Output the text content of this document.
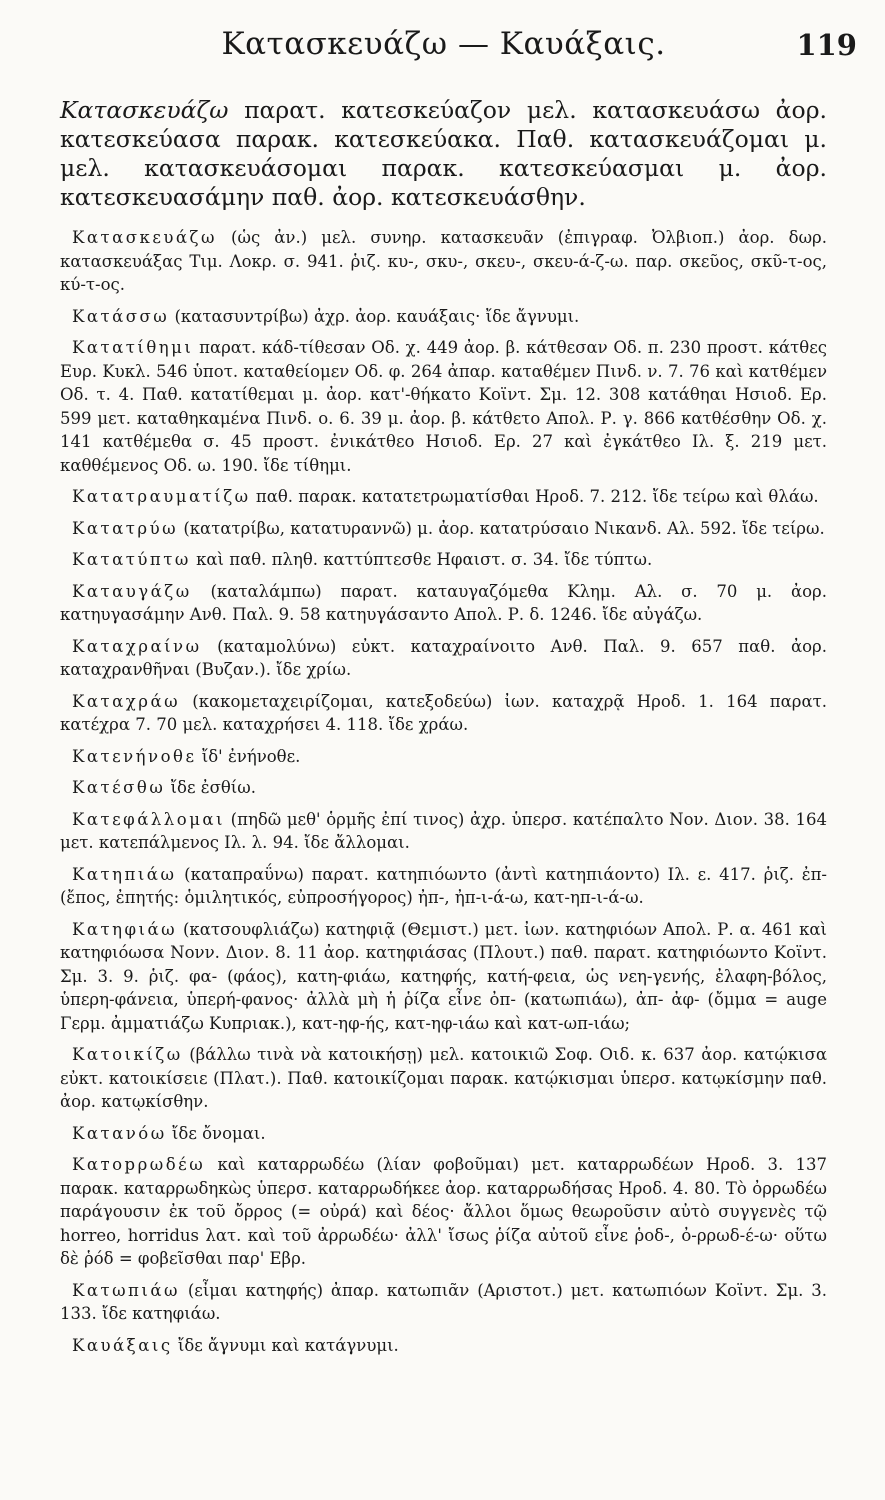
Κατασκευάζω — Καυάξαις.	119

Κατασκευάζω παρατ. κατεσκεύαζον μελ. κατασκευάσω ἀορ. κατεσκεύασα παρακ. κατεσκεύακα. Παθ. κατασκευάζομαι μ. μελ. κατασκευάσομαι παρακ. κατεσκεύασμαι μ. ἀορ. κατεσκευασάμην παθ. ἀορ. κατεσκευάσθην.

Κατασκευάζω (ὡς ἀν.) μελ. συνηρ. κατασκευᾶν (ἐπιγραφ. Ὀλβιοπ.) ἀορ. δωρ. κατασκευάξας Τιμ. Λοκρ. σ. 941. ῥιζ. κυ-, σκυ-, σκευ-, σκευ-ά-ζ-ω. παρ. σκεῦος, σκῦ-τ-ος, κύ-τ-ος.

Κατάσσω (κατασυντρίβω) ἀχρ. ἀορ. καυάξαις· ἴδε ἄγνυμι.

Κατατίθημι παρατ. κάδ-τίθεσαν Οδ. χ. 449 ἀορ. β. κάτθεσαν Οδ. π. 230 προστ. κάτθες Ευρ. Κυκλ. 546 ὑποτ. καταθείομεν Οδ. φ. 264 ἀπαρ. καταθέμεν Πινδ. ν. 7. 76 καὶ κατθέμεν Οδ. τ. 4. Παθ. κατατίθεμαι μ. ἀορ. κατ'-θήκατο Κοϊντ. Σμ. 12. 308 κατάθηαι Ησιοδ. Ερ. 599 μετ. καταθηκαμένα Πινδ. ο. 6. 39 μ. ἀορ. β. κάτθετο Απολ. Ρ. γ. 866 κατθέσθην Οδ. χ. 141 κατθέμεθα σ. 45 προστ. ἐνικάτθεο Ησιοδ. Ερ. 27 καὶ ἐγκάτθεο Ιλ. ξ. 219 μετ. καθθέμενος Οδ. ω. 190. ἴδε τίθημι.

Κατατραυματίζω παθ. παρακ. κατατετρωματίσθαι Ηροδ. 7. 212. ἴδε τείρω καὶ θλάω.

Κατατρύω (κατατρίβω, κατατυραννῶ) μ. ἀορ. κατατρύσαιο Νικανδ. Αλ. 592. ἴδε τείρω.

Κατατύπτω καὶ παθ. πληθ. καττύπτεσθε Ηφαιστ. σ. 34. ἴδε τύπτω.

Καταυγάζω (καταλάμπω) παρατ. καταυγαζόμεθα Κλημ. Αλ. σ. 70 μ. ἀορ. κατηυγασάμην Ανθ. Παλ. 9. 58 κατηυγάσαντο Απολ. Ρ. δ. 1246. ἴδε αὐγάζω.

Καταχραίνω (καταμολύνω) εὐκτ. καταχραίνοιτο Ανθ. Παλ. 9. 657 παθ. ἀορ. καταχρανθῆναι (Βυζαν.). ἴδε χρίω.

Καταχράω (κακομεταχειρίζομαι, κατεξοδεύω) ἰων. καταχρᾷ Ηροδ. 1. 164 παρατ. κατέχρα 7. 70 μελ. καταχρήσει 4. 118. ἴδε χράω.

Κατενήνοθε ἴδ' ἐνήνοθε.

Κατέσθω ἴδε ἐσθίω.

Κατεφάλλομαι (πηδῶ μεθ' ὁρμῆς ἐπί τινος) ἀχρ. ὑπερσ. κατέπαλτο Νον. Διον. 38. 164 μετ. κατεπάλμενος Ιλ. λ. 94. ἴδε ἄλλομαι.

Κατηπιάω (καταπραΰνω) παρατ. κατηπιόωντο (ἀντὶ κατηπιάοντο) Ιλ. ε. 417. ῥιζ. ἐπ- (ἔπος, ἐπητής: ὁμιλητικός, εὐπροσήγορος) ἠπ-, ἠπ-ι-ά-ω, κατ-ηπ-ι-ά-ω.

Κατηφιάω (κατσουφλιάζω) κατηφιᾷ (Θεμιστ.) μετ. ἰων. κατηφιόων Απολ. Ρ. α. 461 καὶ κατηφιόωσα Νονν. Διον. 8. 11 ἀορ. κατηφιάσας (Πλουτ.) παθ. παρατ. κατηφιόωντο Κοϊντ. Σμ. 3. 9. ῥιζ. φα- (φάος), κατη-φιάω, κατηφής, κατή-φεια, ὡς νεη-γενής, ἐλαφη-βόλος, ὑπερη-φάνεια, ὑπερή-φανος· ἀλλὰ μὴ ἡ ῥίζα εἶνε ὀπ- (κατωπιάω), ἀπ- ἀφ- (ὄμμα = auge Γερμ. ἀμματιάζω Κυπριακ.), κατ-ηφ-ής, κατ-ηφ-ιάω καὶ κατ-ωπ-ιάω;

Κατοικίζω (βάλλω τινὰ νὰ κατοικήσῃ) μελ. κατοικιῶ Σοφ. Οιδ. κ. 637 ἀορ. κατῴκισα εὐκτ. κατοικίσειε (Πλατ.). Παθ. κατοικίζομαι παρακ. κατῴκισμαι ὑπερσ. κατῳκίσμην παθ. ἀορ. κατῳκίσθην.

Κατανόω ἴδε ὄνομαι.

Καторρωδέω καὶ καταρρωδέω (λίαν φοβοῦμαι) μετ. καταρρωδέων Ηροδ. 3. 137 παρακ. καταρρωδηκὼς ὑπερσ. καταρρωδήκεε ἀορ. καταρρωδήσας Ηροδ. 4. 80. Τὸ ὀρρωδέω παράγουσιν ἐκ τοῦ ὄρρος (= οὐρά) καὶ δέος· ἄλλοι ὅμως θεωροῦσιν αὐτὸ συγγενὲς τῷ horreo, horridus λατ. καὶ τοῦ ἀρρωδέω· ἀλλ' ἴσως ῥίζα αὐτοῦ εἶνε ῥοδ-, ὀ-ρρωδ-έ-ω· οὕτω δὲ ῥόδ = φοβεῖσθαι παρ' Εβρ.

Κατωπιάω (εἶμαι κατηφής) ἀπαρ. κατωπιᾶν (Αριστοτ.) μετ. κατωπιόων Κοϊντ. Σμ. 3. 133. ἴδε κατηφιάω.

Καυάξαις ἴδε ἄγνυμι καὶ κατάγνυμι.
